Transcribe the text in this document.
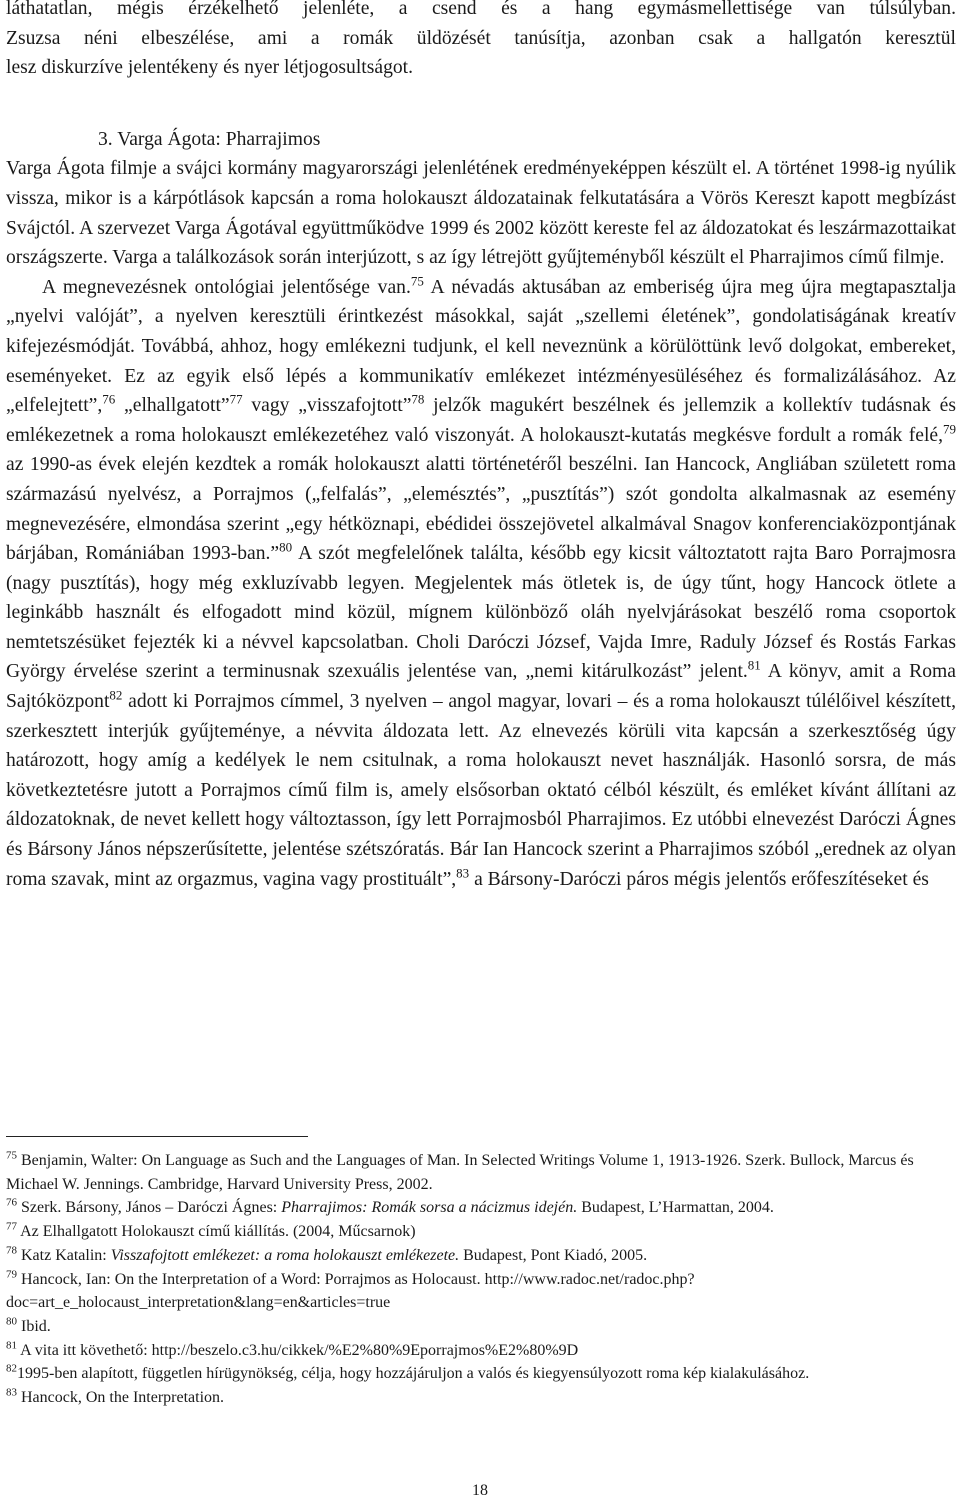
láthatatlan, mégis érzékelhető jelenléte, a csend és a hang egymásmellettisége van túlsúlyban.
Zsuzsa néni elbeszélése, ami a romák üldözését tanúsítja, azonban csak a hallgatón keresztül
lesz diskurzíve jelentékeny és nyer létjogosultságot.
3. Varga Ágota: Pharrajimos

Varga Ágota filmje a svájci kormány magyarországi jelenlétének eredményeképpen készült el. A történet 1998-ig nyúlik vissza, mikor is a kárpótlások kapcsán a roma holokauszt áldozatainak felkutatására a Vörös Kereszt kapott megbízást Svájctól. A szervezet Varga Ágotával együttműködve 1999 és 2002 között kereste fel az áldozatokat és leszármazottaikat országszerte. Varga a találkozások során interjúzott, s az így létrejött gyűjteményből készült el Pharrajimos című filmje.

A megnevezésnek ontológiai jelentősége van.$^{75}$ A névadás aktusában az emberiség újra meg újra megtapasztalja „nyelvi valóját”, a nyelven keresztüli érintkezést másokkal, saját „szellemi életének”, gondolatiságának kreatív kifejezésmódját. Továbbá, ahhoz, hogy emlékezni tudjunk, el kell neveznünk a körülöttünk levő dolgokat, embereket, eseményeket. Ez az egyik első lépés a kommunikatív emlékezet intézményesüléséhez és formalizálásához. Az „elfelejtett”,$^{76}$ „elhallgatott”$^{77}$ vagy „visszafojtott”$^{78}$ jelzők magukért beszélnek és jellemzik a kollektív tudásnak és emlékezetnek a roma holokauszt emlékezetéhez való viszonyát. A holokauszt-kutatás megkésve fordult a romák felé,$^{79}$ az 1990-as évek elején kezdtek a romák holokauszt alatti történetéről beszélni. Ian Hancock, Angliában született roma származású nyelvész, a Porrajmos („felfalás”, „elemésztés”, „pusztítás”) szót gondolta alkalmasnak az esemény megnevezésére, elmondása szerint „egy hétköznapi, ebédidei összejövetel alkalmával Snagov konferenciaközpontjának bárjában, Romániában 1993-ban.”$^{80}$ A szót megfelelőnek találta, később egy kicsit változtatott rajta Baro Porrajmosra (nagy pusztítás), hogy még exkluzívabb legyen. Megjelentek más ötletek is, de úgy tűnt, hogy Hancock ötlete a leginkább használt és elfogadott mind közül, mígnem különböző oláh nyelvjárásokat beszélő roma csoportok nemtetszésüket fejezték ki a névvel kapcsolatban. Choli Daróczi József, Vajda Imre, Raduly József és Rostás Farkas György érvelése szerint a terminusnak szexuális jelentése van, „nemi kitárulkozást” jelent.$^{81}$ A könyv, amit a Roma Sajtóközpont$^{82}$ adott ki Porrajmos címmel, 3 nyelven – angol magyar, lovari – és a roma holokauszt túlélőivel készített, szerkesztett interjúk gyűjteménye, a névvita áldozata lett. Az elnevezés körüli vita kapcsán a szerkesztőség úgy határozott, hogy amíg a kedélyek le nem csitulnak, a roma holokauszt nevet használják. Hasonló sorsra, de más következtetésre jutott a Porrajmos című film is, amely elsősorban oktató célból készült, és emléket kívánt állítani az áldozatoknak, de nevet kellett hogy változtasson, így lett Porrajmosból Pharrajimos. Ez utóbbi elnevezést Daróczi Ágnes és Bársony János népszerűsítette, jelentése szétszóratás. Bár Ian Hancock szerint a Pharrajimos szóból „erednek az olyan roma szavak, mint az orgazmus, vagina vagy prostituált”,$^{83}$ a Bársony-Daróczi páros mégis jelentős erőfeszítéseket és

$^{75}$ Benjamin, Walter: On Language as Such and the Languages of Man. In Selected Writings Volume 1, 1913-1926. Szerk. Bullock, Marcus és Michael W. Jennings. Cambridge, Harvard University Press, 2002.

$^{76}$ Szerk. Bársony, János – Daróczi Ágnes: Pharrajimos: Romák sorsa a nácizmus idején. Budapest, L’Harmattan, 2004.

$^{77}$ Az Elhallgatott Holokauszt című kiállítás. (2004, Műcsarnok)

$^{78}$ Katz Katalin: Visszafojtott emlékezet: a roma holokauszt emlékezete. Budapest, Pont Kiadó, 2005.

$^{79}$ Hancock, Ian: On the Interpretation of a Word: Porrajmos as Holocaust. http://www.radoc.net/radoc.php?doc=art_e_holocaust_interpretation&lang=en&articles=true

$^{80}$ Ibid.

$^{81}$ A vita itt követhető: http://beszelo.c3.hu/cikkek/%E2%80%9Eporrajmos%E2%80%9D

$^{82}$1995-ben alapított, független hírügynökség, célja, hogy hozzájáruljon a valós és kiegyensúlyozott roma kép kialakulásához.

$^{83}$ Hancock, On the Interpretation.

18
